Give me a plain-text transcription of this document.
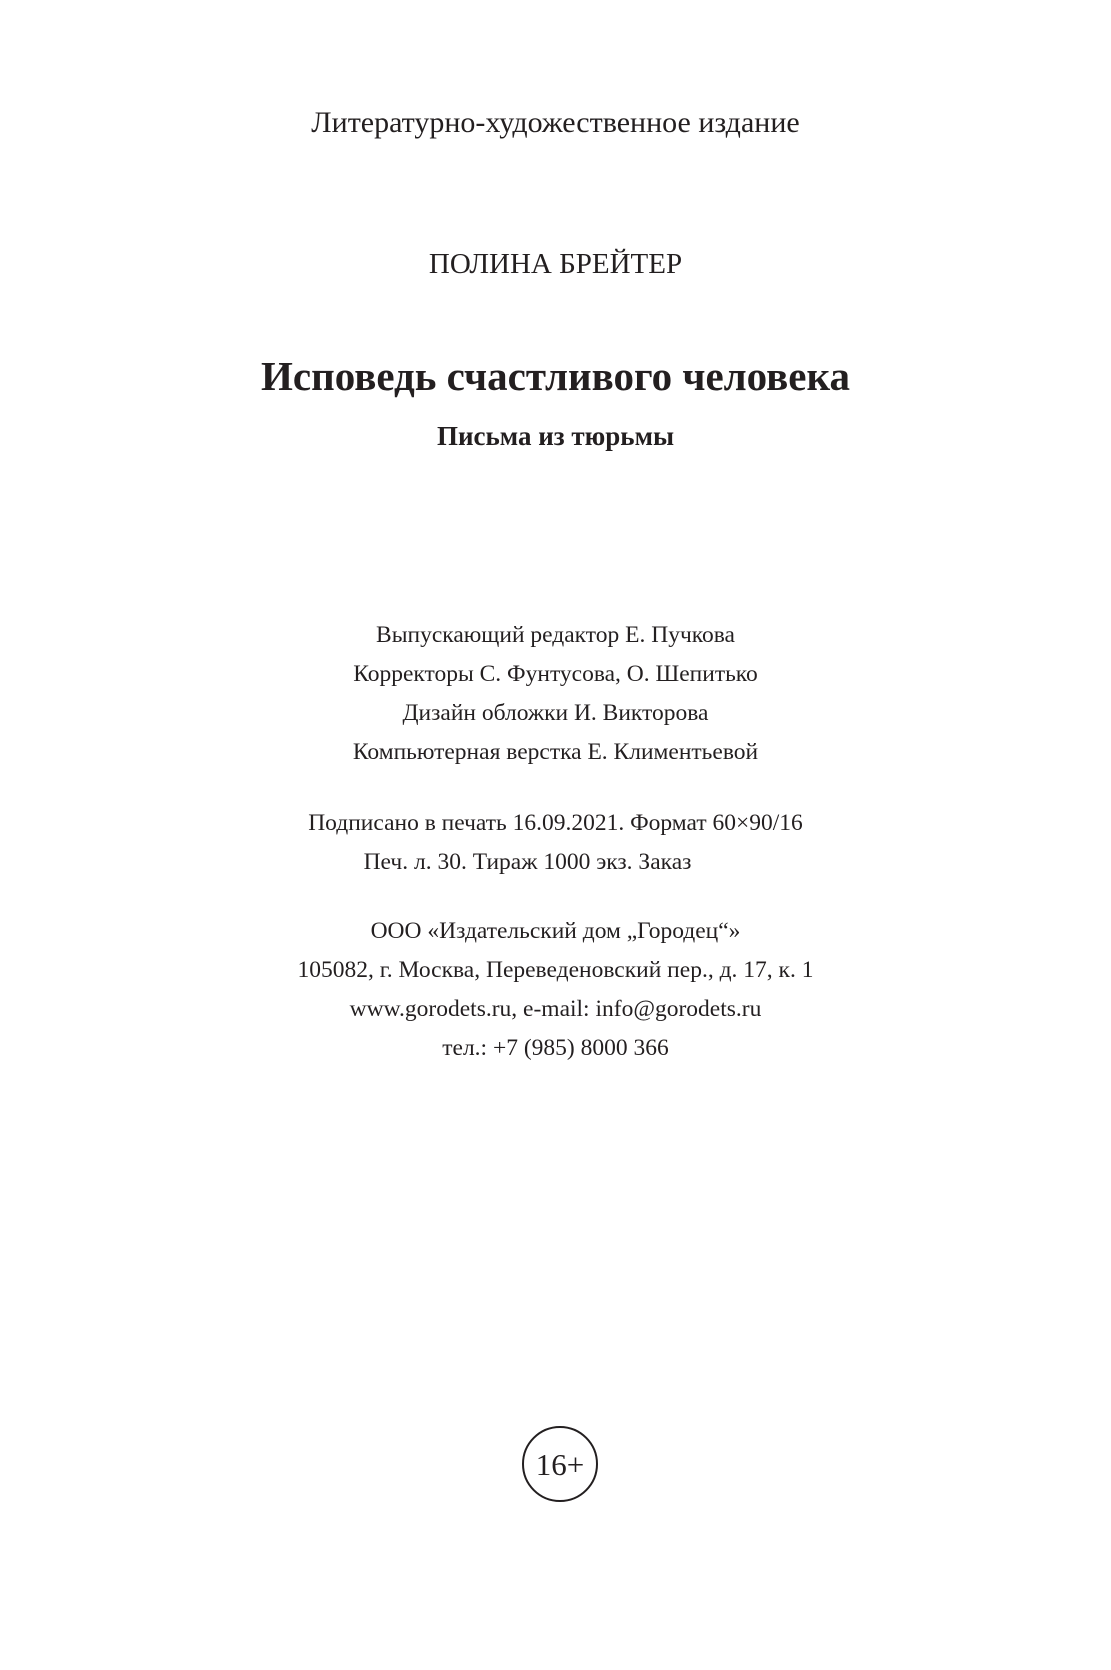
Литературно-художественное издание
ПОЛИНА БРЕЙТЕР
Исповедь счастливого человека
Письма из тюрьмы
Выпускающий редактор Е. Пучкова
Корректоры С. Фунтусова, О. Шепитько
Дизайн обложки И. Викторова
Компьютерная верстка Е. Климентьевой
Подписано в печать 16.09.2021. Формат 60×90/16
Печ. л. 30. Тираж 1000 экз. Заказ
ООО «Издательский дом „Городец“»
105082, г. Москва, Переведеновский пер., д. 17, к. 1
www.gorodets.ru, e-mail: info@gorodets.ru
тел.: +7 (985) 8000 366
16+
